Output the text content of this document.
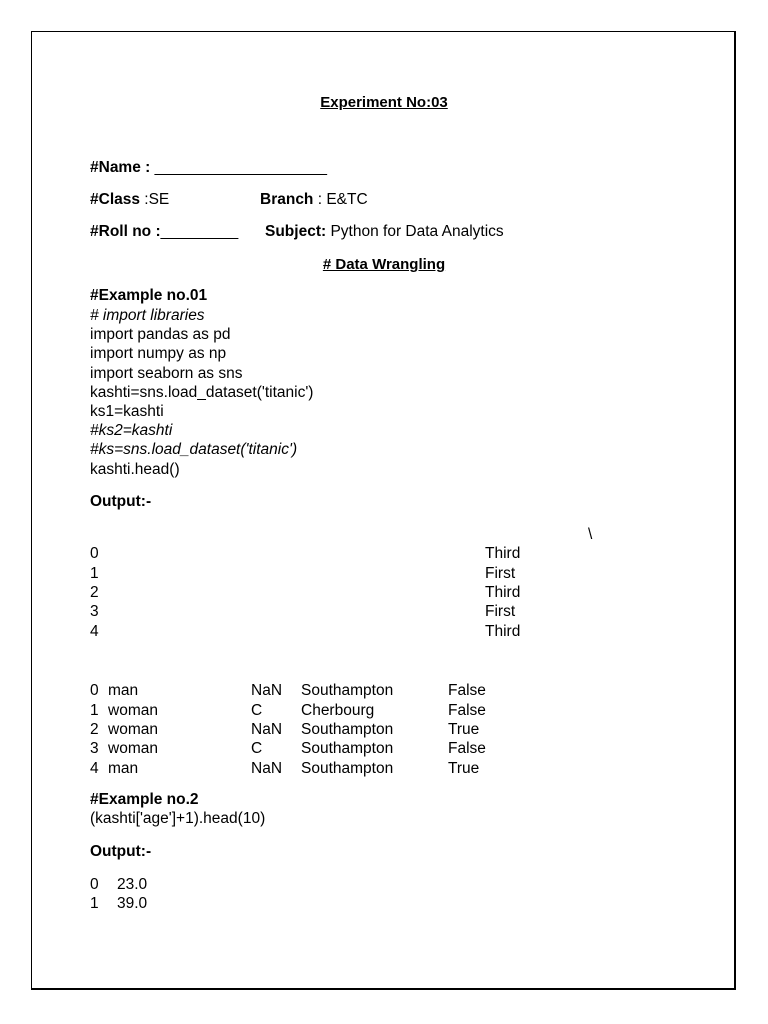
Experiment No:03
#Name : ____________________
#Class :SE	Branch : E&TC
#Roll no :_________ Subject: Python for Data Analytics
# Data Wrangling
#Example no.01
# import libraries
import pandas as pd
import numpy as np
import seaborn as sns
kashti=sns.load_dataset('titanic')
ks1=kashti
#ks2=kashti
#ks=sns.load_dataset('titanic')
kashti.head()
Output:-
\
0	Third
1	First
2	Third
3	First
4	Third
0 man	NaN Southampton	False
1 woman	C	Cherbourg	False
2 woman	NaN Southampton	True
3 woman	C	Southampton	False
4 man	NaN Southampton	True
#Example no.2
(kashti['age']+1).head(10)
Output:-
0 23.0
1 39.0
